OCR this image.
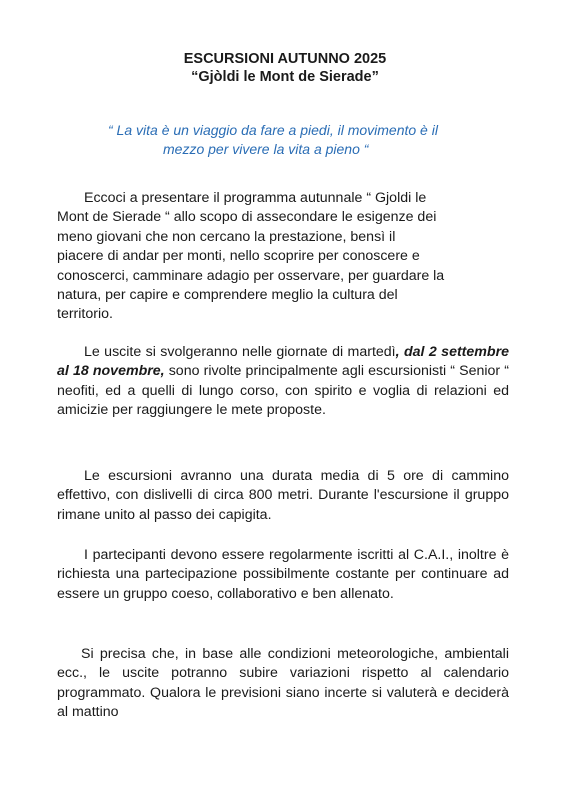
ESCURSIONI AUTUNNO 2025
“Gjòldi le Mont de Sierade”
“ La vita è un viaggio da fare a piedi, il movimento è il
mezzo per vivere la vita a pieno “
Eccoci a presentare il programma autunnale “ Gjoldi le
Mont de Sierade “ allo scopo di assecondare le esigenze dei
meno giovani che non cercano la prestazione, bensì il
piacere di andar per monti, nello scoprire per conoscere e
conoscerci, camminare adagio per osservare, per guardare la
natura, per capire e comprendere meglio la cultura del
territorio.

Le uscite si svolgeranno nelle giornate di martedì, dal 2 settembre al 18 novembre, sono rivolte principalmente agli escursionisti “ Senior “ neofiti, ed a quelli di lungo corso, con spirito e voglia di relazioni ed amicizie per raggiungere le mete proposte.

Le escursioni avranno una durata media di 5 ore di cammino effettivo, con dislivelli di circa 800 metri. Durante l'escursione il gruppo rimane unito al passo dei capigita.

I partecipanti devono essere regolarmente iscritti al C.A.I., inoltre è richiesta una partecipazione possibilmente costante per continuare ad essere un gruppo coeso, collaborativo e ben allenato.

Si precisa che, in base alle condizioni meteorologiche, ambientali ecc., le uscite potranno subire variazioni rispetto al calendario programmato. Qualora le previsioni siano incerte si valuterà e deciderà al mattino
